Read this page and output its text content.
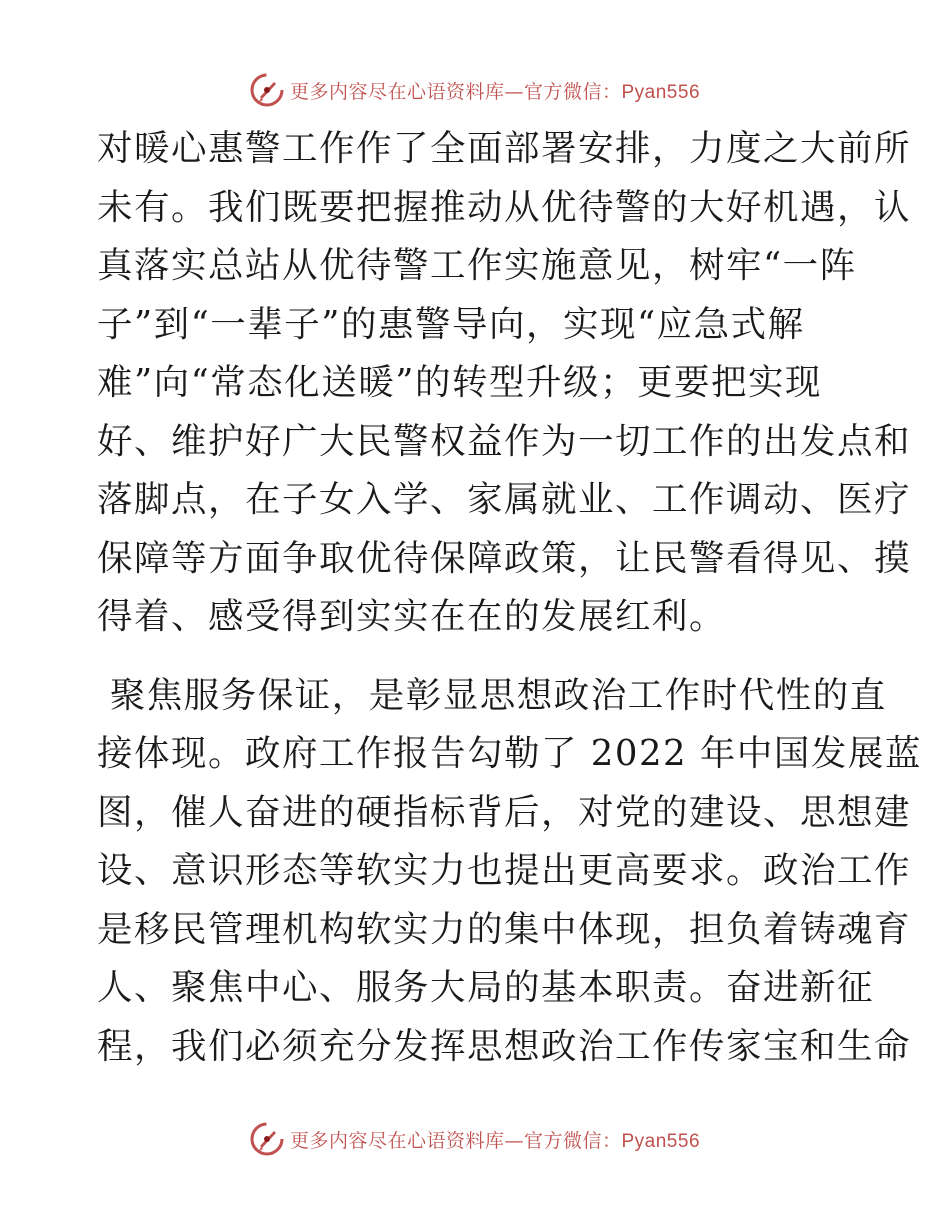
更多内容尽在心语资料库—官方微信：Pyan556

对暖心惠警工作作了全面部署安排，力度之大前所

未有。我们既要把握推动从优待警的大好机遇，认

真落实总站从优待警工作实施意见，树牢“一阵

子”到“一辈子”的惠警导向，实现“应急式解

难”向“常态化送暖”的转型升级；更要把实现

好、维护好广大民警权益作为一切工作的出发点和

落脚点，在子女入学、家属就业、工作调动、医疗

保障等方面争取优待保障政策，让民警看得见、摸

得着、感受得到实实在在的发展红利。

聚焦服务保证，是彰显思想政治工作时代性的直

接体现。政府工作报告勾勒了 2022 年中国发展蓝

图，催人奋进的硬指标背后，对党的建设、思想建

设、意识形态等软实力也提出更高要求。政治工作

是移民管理机构软实力的集中体现，担负着铸魂育

人、聚焦中心、服务大局的基本职责。奋进新征

程，我们必须充分发挥思想政治工作传家宝和生命

更多内容尽在心语资料库—官方微信：Pyan556
